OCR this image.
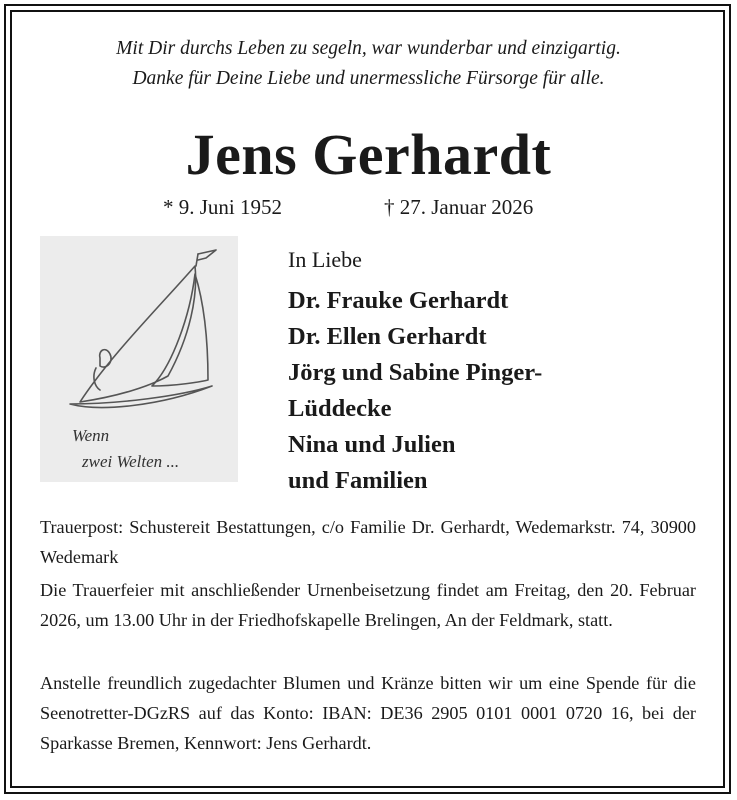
Mit Dir durchs Leben zu segeln, war wunderbar und einzigartig.
Danke für Deine Liebe und unermessliche Fürsorge für alle.
Jens Gerhardt
* 9. Juni 1952	† 27. Januar 2026
Wenn
zwei Welten ...
In Liebe
Dr. Frauke Gerhardt
Dr. Ellen Gerhardt
Jörg und Sabine Pinger-
Lüddecke
Nina und Julien
und Familien

Trauerpost: Schustereit Bestattungen, c/o Familie Dr. Gerhardt, Wedemarkstr. 74, 30900 Wedemark

Die Trauerfeier mit anschließender Urnenbeisetzung findet am Freitag, den 20. Februar 2026, um 13.00 Uhr in der Friedhofskapelle Brelingen, An der Feldmark, statt.

Anstelle freundlich zugedachter Blumen und Kränze bitten wir um eine Spende für die Seenotretter-DGzRS auf das Konto: IBAN: DE36 2905 0101 0001 0720 16, bei der Sparkasse Bremen, Kennwort: Jens Gerhardt.
